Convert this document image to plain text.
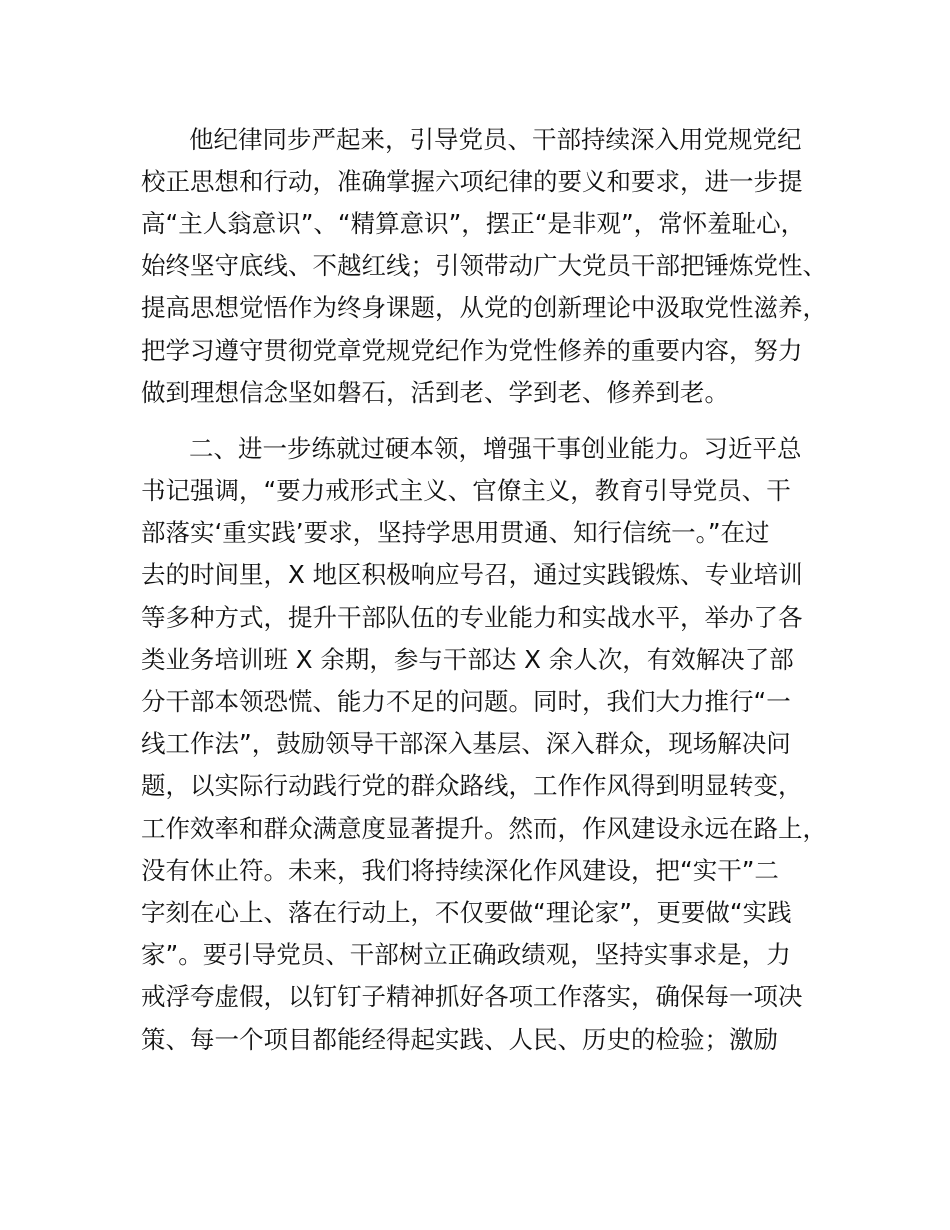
他纪律同步严起来，引导党员、干部持续深入用党规党纪
校正思想和行动，准确掌握六项纪律的要义和要求，进一步提
高“主人翁意识”、“精算意识”，摆正“是非观”，常怀羞耻心，
始终坚守底线、不越红线；引领带动广大党员干部把锤炼党性、
提高思想觉悟作为终身课题，从党的创新理论中汲取党性滋养，
把学习遵守贯彻党章党规党纪作为党性修养的重要内容，努力
做到理想信念坚如磐石，活到老、学到老、修养到老。
二、进一步练就过硬本领，增强干事创业能力。习近平总
书记强调，“要力戒形式主义、官僚主义，教育引导党员、干
部落实‘重实践’要求，坚持学思用贯通、知行信统一。”在过
去的时间里，X 地区积极响应号召，通过实践锻炼、专业培训
等多种方式，提升干部队伍的专业能力和实战水平，举办了各
类业务培训班 X 余期，参与干部达 X 余人次，有效解决了部
分干部本领恐慌、能力不足的问题。同时，我们大力推行“一
线工作法”，鼓励领导干部深入基层、深入群众，现场解决问
题，以实际行动践行党的群众路线，工作作风得到明显转变，
工作效率和群众满意度显著提升。然而，作风建设永远在路上，
没有休止符。未来，我们将持续深化作风建设，把“实干”二
字刻在心上、落在行动上，不仅要做“理论家”，更要做“实践
家”。要引导党员、干部树立正确政绩观，坚持实事求是，力
戒浮夸虚假，以钉钉子精神抓好各项工作落实，确保每一项决
策、每一个项目都能经得起实践、人民、历史的检验；激励
